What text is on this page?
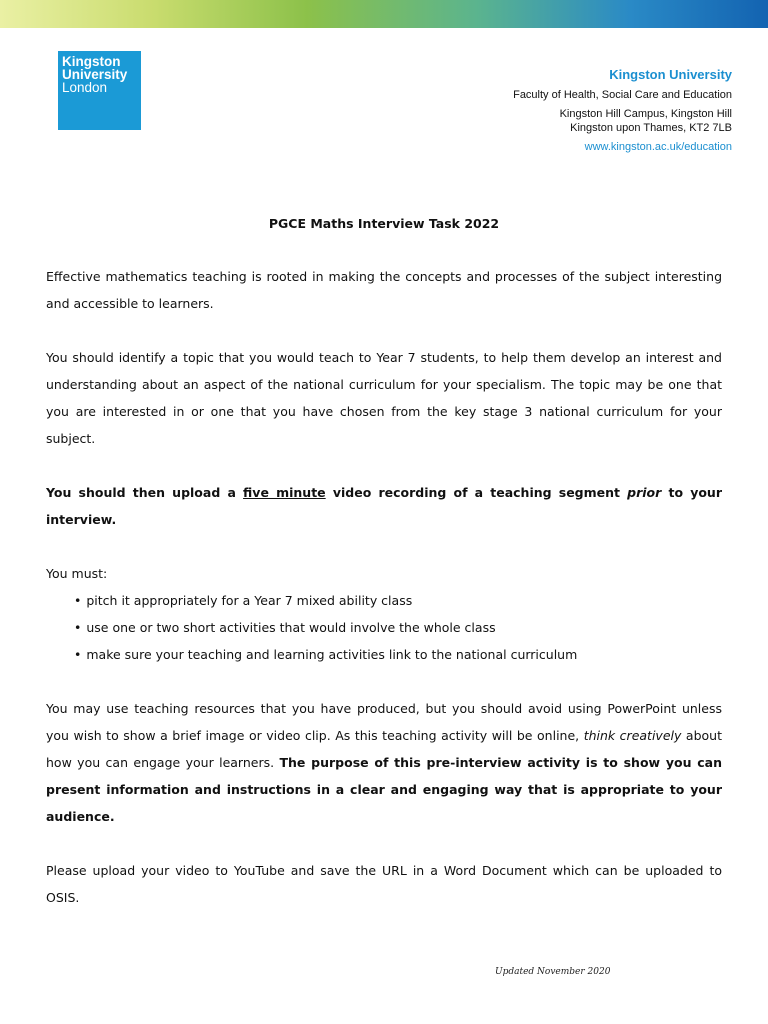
Kingston
University
London
Kingston University
Faculty of Health, Social Care and Education
Kingston Hill Campus, Kingston Hill
Kingston upon Thames, KT2 7LB
www.kingston.ac.uk/education
PGCE Maths Interview Task 2022

Effective mathematics teaching is rooted in making the concepts and processes of the subject interesting and accessible to learners.

You should identify a topic that you would teach to Year 7 students, to help them develop an interest and understanding about an aspect of the national curriculum for your specialism. The topic may be one that you are interested in or one that you have chosen from the key stage 3 national curriculum for your subject.

You should then upload a five minute video recording of a teaching segment prior to your interview.

You must:

• pitch it appropriately for a Year 7 mixed ability class
• use one or two short activities that would involve the whole class
• make sure your teaching and learning activities link to the national curriculum

You may use teaching resources that you have produced, but you should avoid using PowerPoint unless you wish to show a brief image or video clip. As this teaching activity will be online, think creatively about how you can engage your learners. The purpose of this pre-interview activity is to show you can present information and instructions in a clear and engaging way that is appropriate to your audience.

Please upload your video to YouTube and save the URL in a Word Document which can be uploaded to OSIS.

Updated November 2020
